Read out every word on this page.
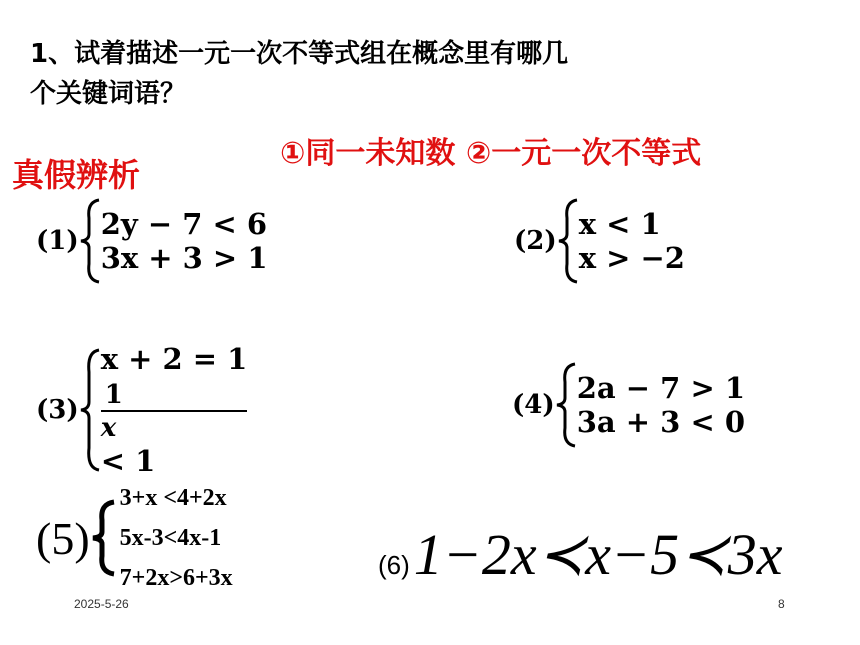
1、试着描述一元一次不等式组在概念里有哪几
个关键词语？
①同一未知数 ②一元一次不等式
真假辨析
(1) 2y − 7 < 6
3x + 3 > 1	(2) x < 1
x > −2
(3)
x + 2 = 1
1
x
< 1
(4) 2a − 7 > 1
3a + 3 < 0
(5)
3+x <4+2x
5x-3<4x-1
7+2x>6+3x	(6) 1−2x≺x−5≺3x
2025-5-26	8
